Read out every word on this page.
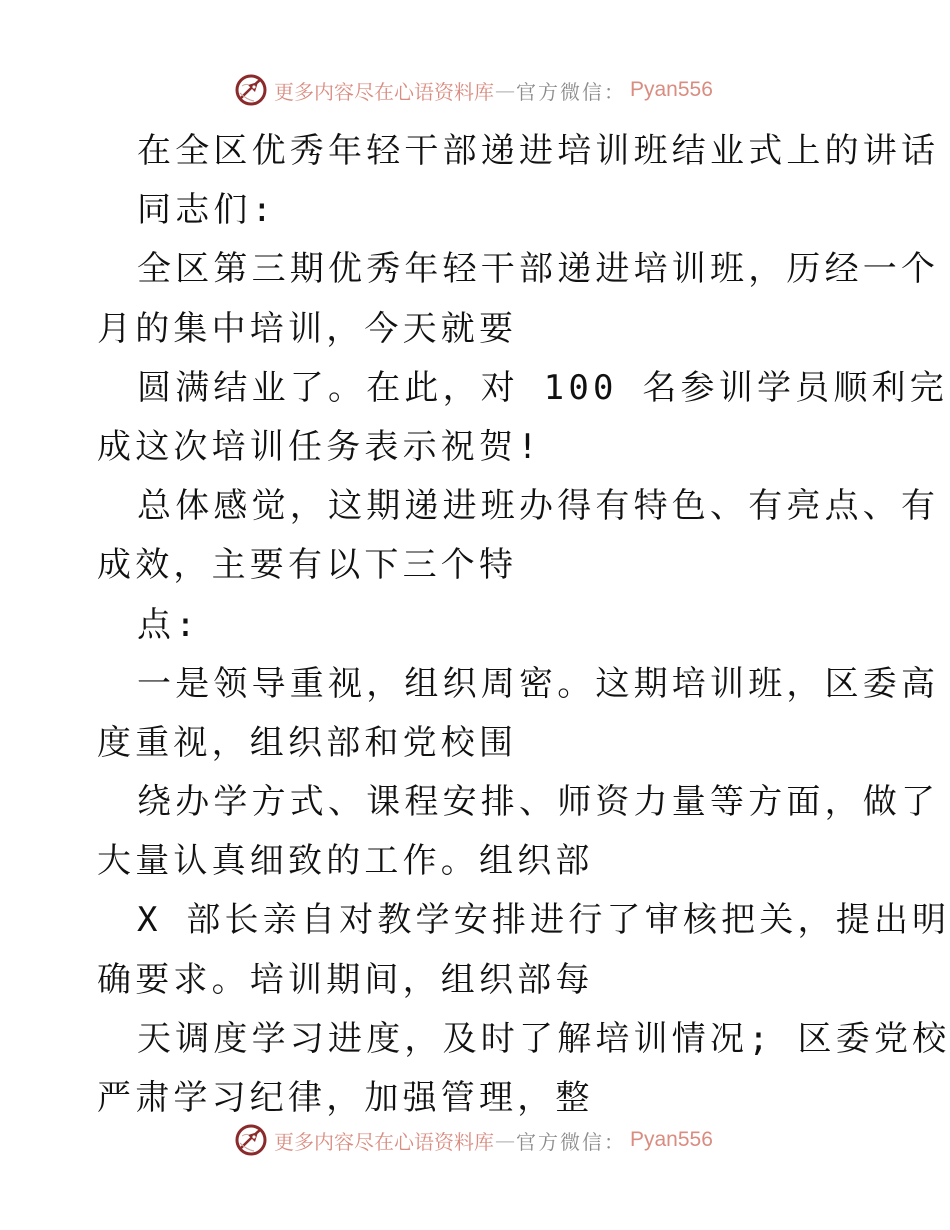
更多内容尽在心语资料库 — 官方微信： Pyan556
在全区优秀年轻干部递进培训班结业式上的讲话
同志们:
全区第三期优秀年轻干部递进培训班，历经一个
月的集中培训，今天就要
圆满结业了。在此，对 100 名参训学员顺利完
成这次培训任务表示祝贺!
总体感觉，这期递进班办得有特色、有亮点、有
成效，主要有以下三个特
点:
一是领导重视，组织周密。这期培训班，区委高
度重视，组织部和党校围
绕办学方式、课程安排、师资力量等方面，做了
大量认真细致的工作。组织部
X 部长亲自对教学安排进行了审核把关，提出明
确要求。培训期间，组织部每
天调度学习进度，及时了解培训情况; 区委党校
严肃学习纪律，加强管理，整
更多内容尽在心语资料库 — 官方微信： Pyan556
